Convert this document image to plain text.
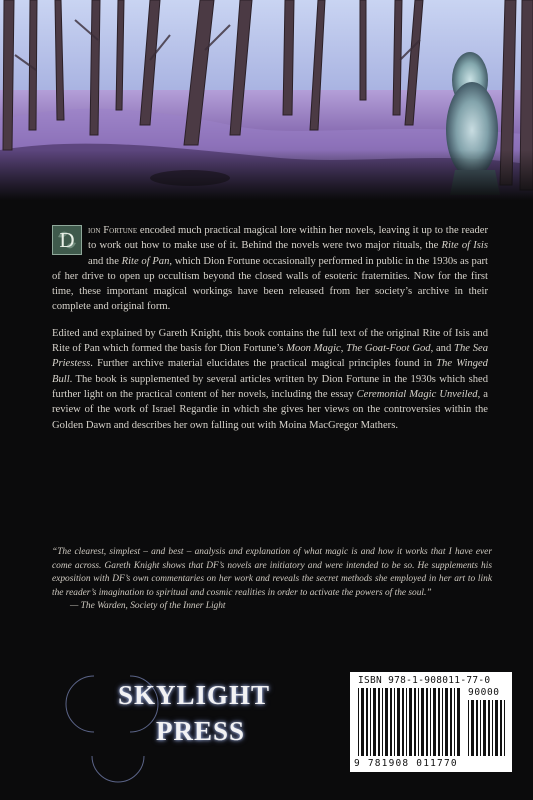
D ion Fortune encoded much practical magical lore within her novels, leaving it up to the reader to work out how to make use of it. Behind the novels were two major rituals, the Rite of Isis and the Rite of Pan, which Dion Fortune occasionally performed in public in the 1930s as part of her drive to open up occultism beyond the closed walls of esoteric fraternities. Now for the first time, these important magical workings have been released from her society’s archive in their complete and original form.

Edited and explained by Gareth Knight, this book contains the full text of the original Rite of Isis and Rite of Pan which formed the basis for Dion Fortune’s Moon Magic, The Goat-Foot God, and The Sea Priestess. Further archive material elucidates the practical magical principles found in The Winged Bull. The book is supplemented by several articles written by Dion Fortune in the 1930s which shed further light on the practical content of her novels, including the essay Ceremonial Magic Unveiled, a review of the work of Israel Regardie in which she gives her views on the controversies within the Golden Dawn and describes her own falling out with Moina MacGregor Mathers.

“The clearest, simplest – and best – analysis and explanation of what magic is and how it works that I have ever come across. Gareth Knight shows that DF’s novels are initiatory and were intended to be so. He supplements his exposition with DF’s own commentaries on her work and reveals the secret methods she employed in her art to link the reader’s imagination to spiritual and cosmic realities in order to activate the powers of the soul.”
— The Warden, Society of the Inner Light
SKYLIGHT
PRESS
ISBN 978-1-908011-77-0
90000
9 781908 011770
